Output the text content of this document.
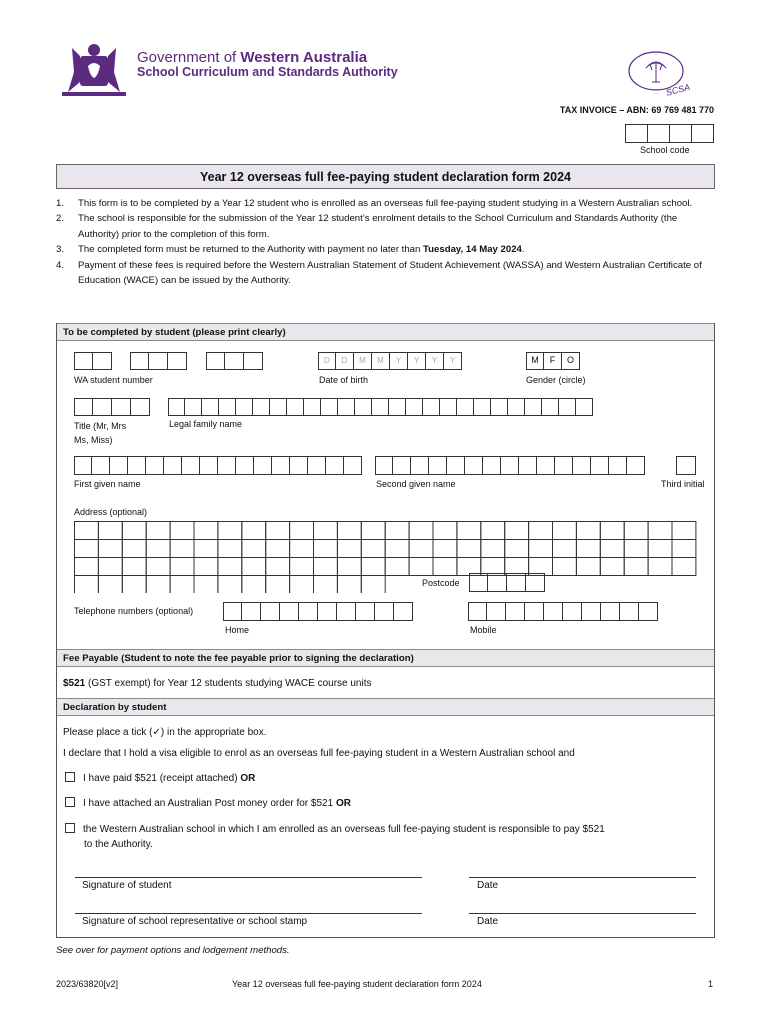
Government of Western Australia
School Curriculum and Standards Authority
SCSA
TAX INVOICE – ABN: 69 769 481 770
School code
Year 12 overseas full fee-paying student declaration form 2024
1. This form is to be completed by a Year 12 student who is enrolled as an overseas full fee-paying student studying in a Western Australian school.
2. The school is responsible for the submission of the Year 12 student’s enrolment details to the School Curriculum and Standards Authority (the Authority) prior to the completion of this form.
3. The completed form must be returned to the Authority with payment no later than Tuesday, 14 May 2024.
4. Payment of these fees is required before the Western Australian Statement of Student Achievement (WASSA) and Western Australian Certificate of Education (WACE) can be issued by the Authority.
To be completed by student (please print clearly)
WA student number
D	D	M	M	Y	Y	Y	Y
Date of birth
M	F	O
Gender (circle)
Title (Mr, Mrs
Ms, Miss)
Legal family name
First given name	Second given name	Third initial
Address (optional)
Postcode
Telephone numbers (optional)
Home	Mobile
Fee Payable (Student to note the fee payable prior to signing the declaration)
$521 (GST exempt) for Year 12 students studying WACE course units
Declaration by student
Please place a tick (✓) in the appropriate box.
I declare that I hold a visa eligible to enrol as an overseas full fee-paying student in a Western Australian school and
I have paid $521 (receipt attached) OR
I have attached an Australian Post money order for $521 OR
the Western Australian school in which I am enrolled as an overseas full fee-paying student is responsible to pay $521
to the Authority.
Signature of student	Date
Signature of school representative or school stamp	Date
See over for payment options and lodgement methods.
2023/63820[v2]	Year 12 overseas full fee-paying student declaration form 2024	1
